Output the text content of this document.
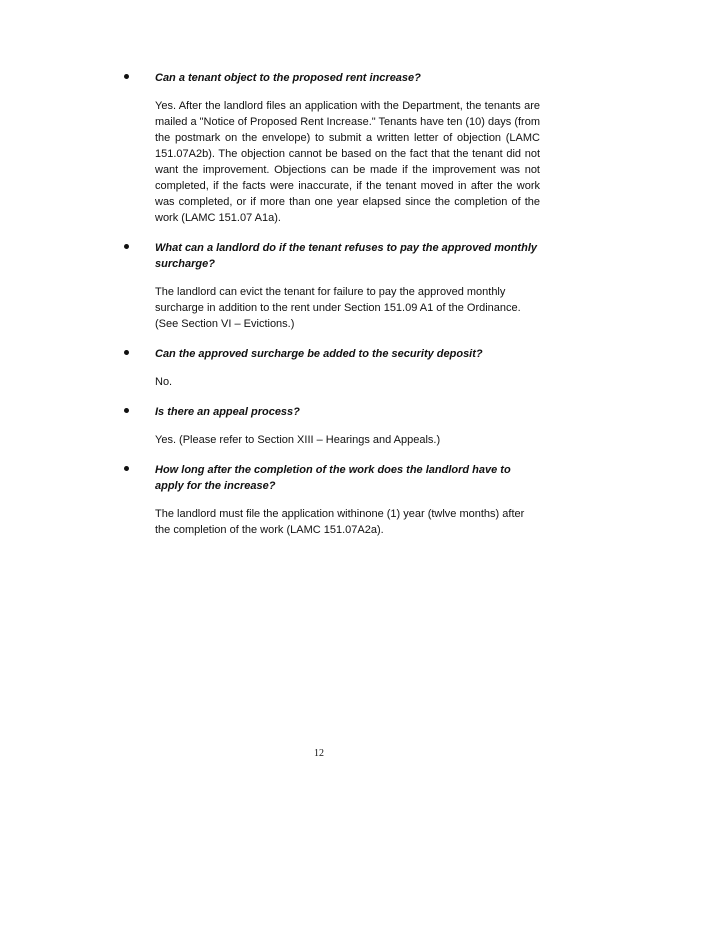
Can a tenant object to the proposed rent increase?

Yes. After the landlord files an application with the Department, the tenants are mailed a "Notice of Proposed Rent Increase." Tenants have ten (10) days (from the postmark on the envelope) to submit a written letter of objection (LAMC 151.07A2b). The objection cannot be based on the fact that the tenant did not want the improvement. Objections can be made if the improvement was not completed, if the facts were inaccurate, if the tenant moved in after the work was completed, or if more than one year elapsed since the completion of the work (LAMC 151.07 A1a).

What can a landlord do if the tenant refuses to pay the approved monthly surcharge?

The landlord can evict the tenant for failure to pay the approved monthly surcharge in addition to the rent under Section 151.09 A1 of the Ordinance. (See Section VI – Evictions.)

Can the approved surcharge be added to the security deposit?

No.

Is there an appeal process?

Yes. (Please refer to Section XIII – Hearings and Appeals.)

How long after the completion of the work does the landlord have to apply for the increase?

The landlord must file the application withinone (1) year (twlve months) after the completion of the work (LAMC 151.07A2a).

12
